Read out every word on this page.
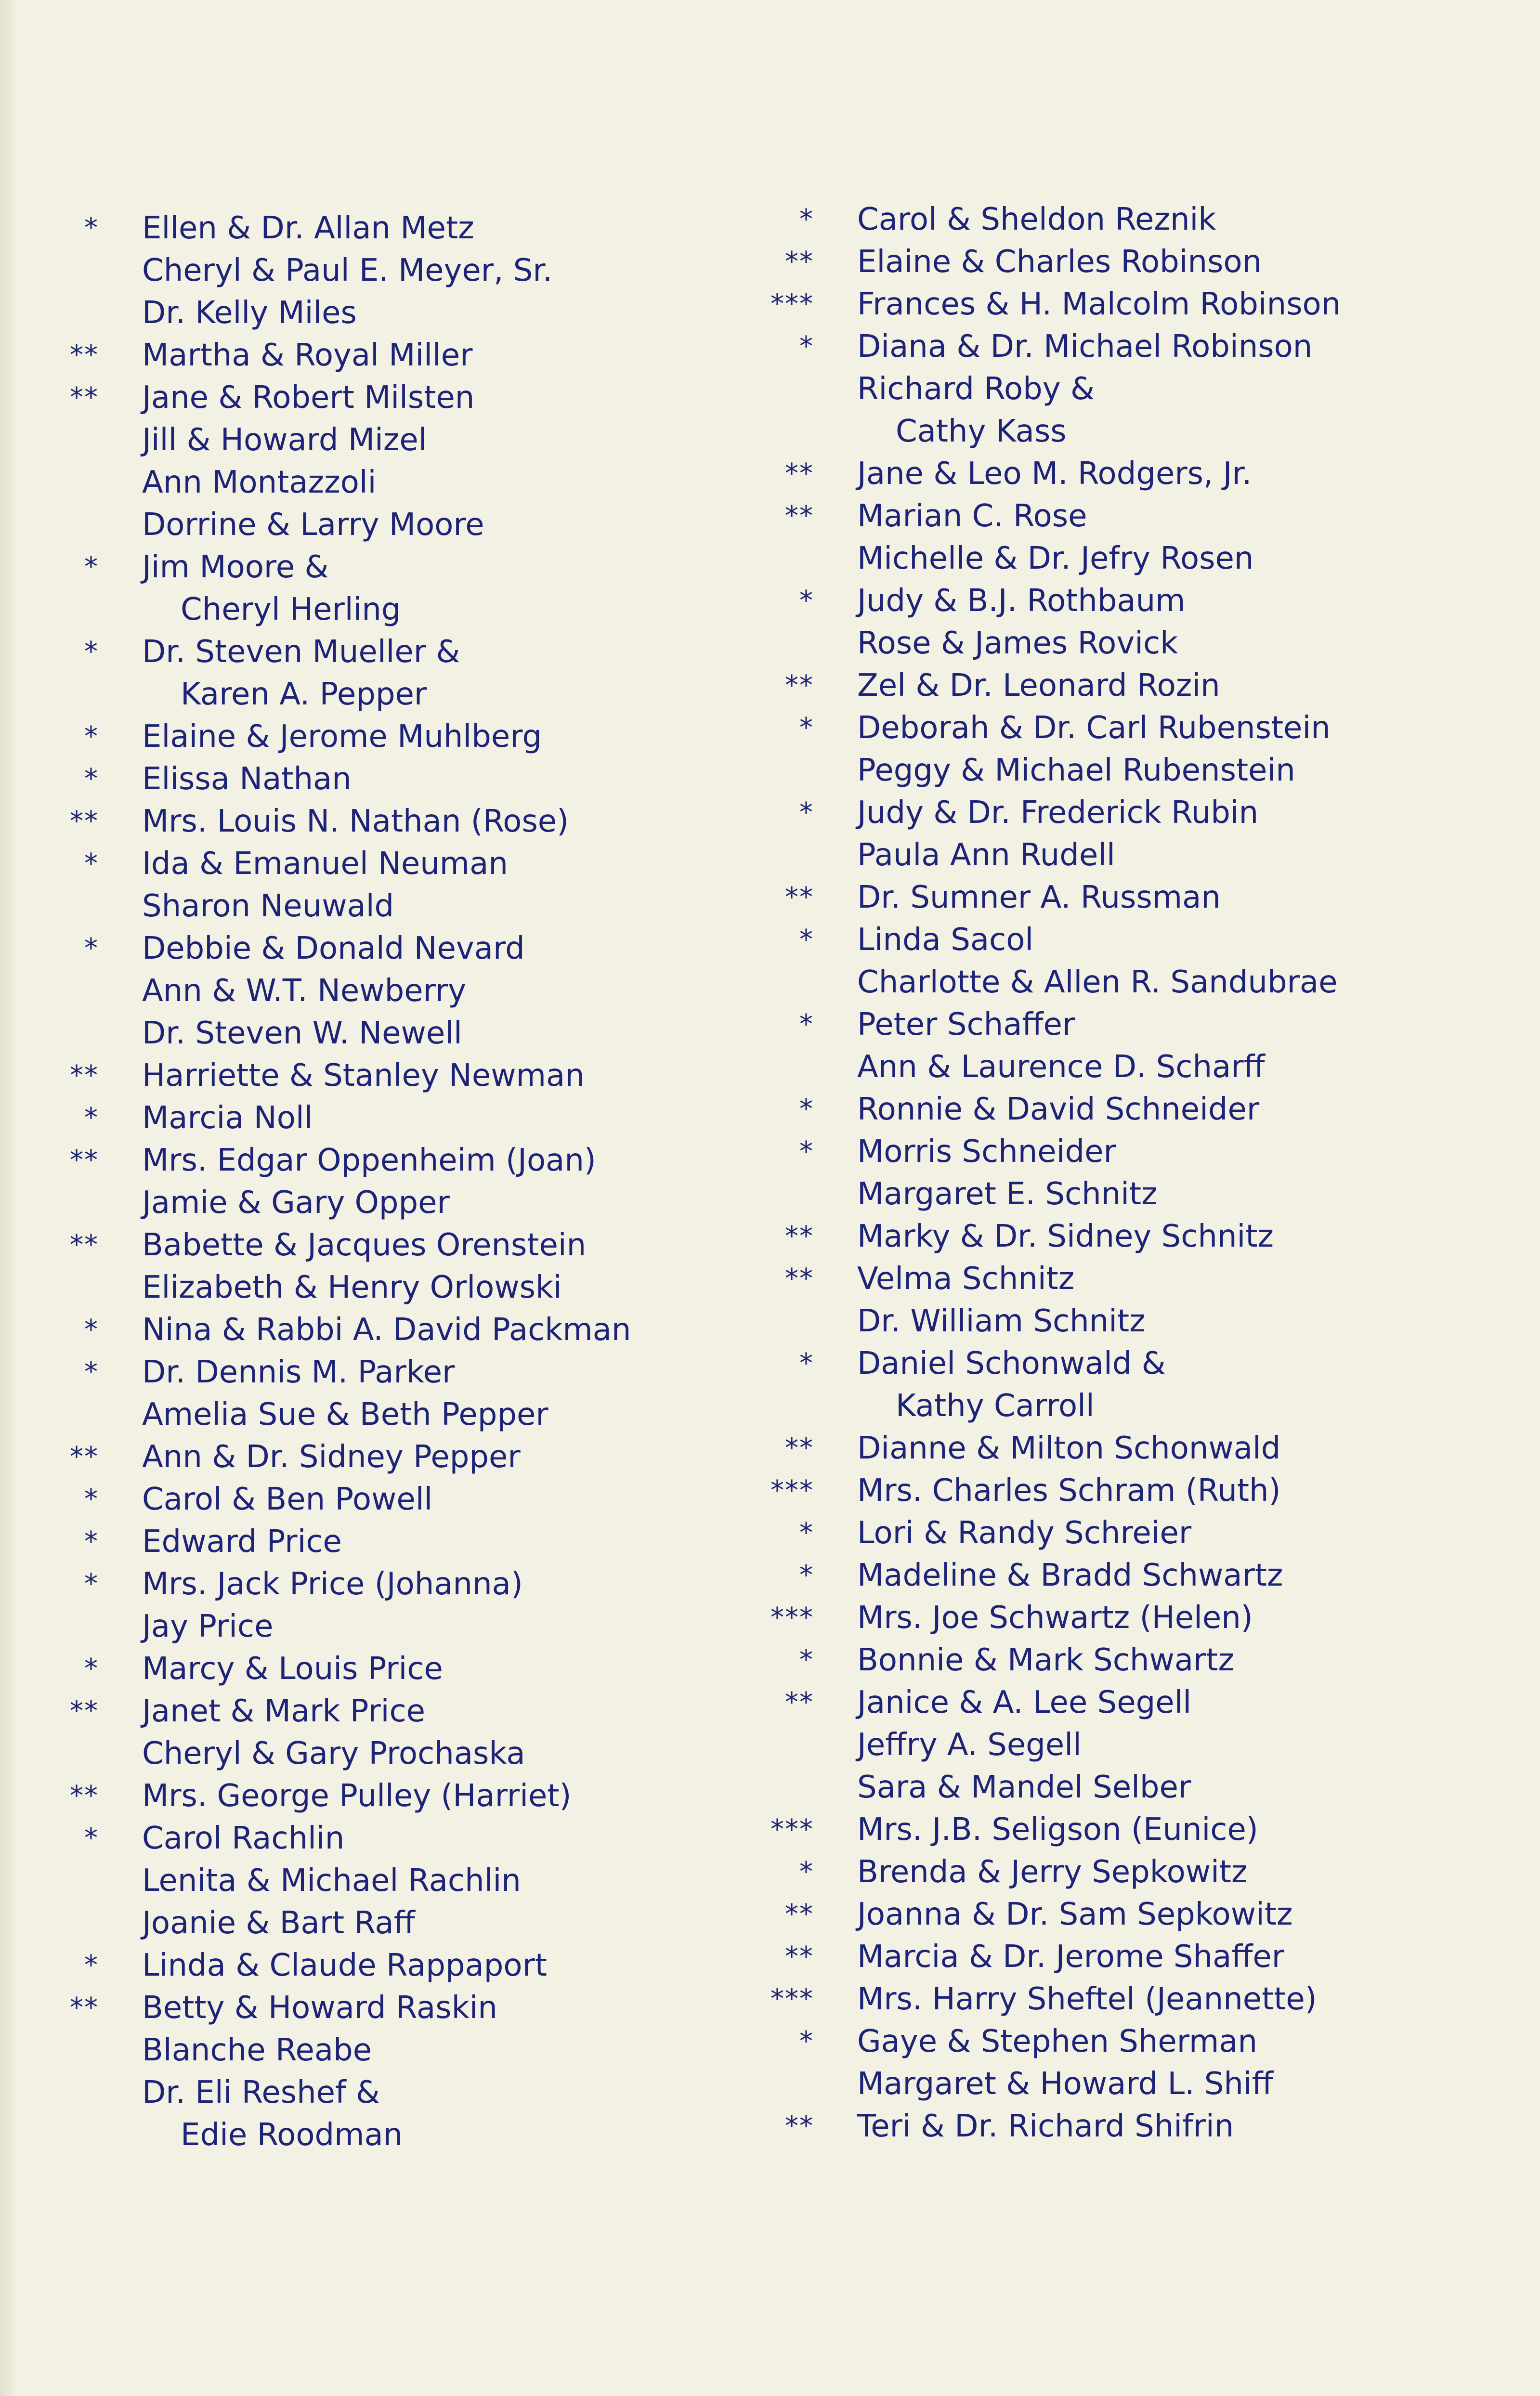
* Ellen & Dr. Allan Metz
Cheryl & Paul E. Meyer, Sr.
Dr. Kelly Miles
** Martha & Royal Miller
** Jane & Robert Milsten
Jill & Howard Mizel
Ann Montazzoli
Dorrine & Larry Moore
* Jim Moore &
Cheryl Herling
* Dr. Steven Mueller &
Karen A. Pepper
* Elaine & Jerome Muhlberg
* Elissa Nathan
** Mrs. Louis N. Nathan (Rose)
* Ida & Emanuel Neuman
Sharon Neuwald
* Debbie & Donald Nevard
Ann & W.T. Newberry
Dr. Steven W. Newell
** Harriette & Stanley Newman
* Marcia Noll
** Mrs. Edgar Oppenheim (Joan)
Jamie & Gary Opper
** Babette & Jacques Orenstein
Elizabeth & Henry Orlowski
* Nina & Rabbi A. David Packman
* Dr. Dennis M. Parker
Amelia Sue & Beth Pepper
** Ann & Dr. Sidney Pepper
* Carol & Ben Powell
* Edward Price
* Mrs. Jack Price (Johanna)
Jay Price
* Marcy & Louis Price
** Janet & Mark Price
Cheryl & Gary Prochaska
** Mrs. George Pulley (Harriet)
* Carol Rachlin
Lenita & Michael Rachlin
Joanie & Bart Raff
* Linda & Claude Rappaport
** Betty & Howard Raskin
Blanche Reabe
Dr. Eli Reshef &
Edie Roodman
* Carol & Sheldon Reznik
** Elaine & Charles Robinson
*** Frances & H. Malcolm Robinson
* Diana & Dr. Michael Robinson
Richard Roby &
Cathy Kass
** Jane & Leo M. Rodgers, Jr.
** Marian C. Rose
Michelle & Dr. Jefry Rosen
* Judy & B.J. Rothbaum
Rose & James Rovick
** Zel & Dr. Leonard Rozin
* Deborah & Dr. Carl Rubenstein
Peggy & Michael Rubenstein
* Judy & Dr. Frederick Rubin
Paula Ann Rudell
** Dr. Sumner A. Russman
* Linda Sacol
Charlotte & Allen R. Sandubrae
* Peter Schaffer
Ann & Laurence D. Scharff
* Ronnie & David Schneider
* Morris Schneider
Margaret E. Schnitz
** Marky & Dr. Sidney Schnitz
** Velma Schnitz
Dr. William Schnitz
* Daniel Schonwald &
Kathy Carroll
** Dianne & Milton Schonwald
*** Mrs. Charles Schram (Ruth)
* Lori & Randy Schreier
* Madeline & Bradd Schwartz
*** Mrs. Joe Schwartz (Helen)
* Bonnie & Mark Schwartz
** Janice & A. Lee Segell
Jeffry A. Segell
Sara & Mandel Selber
*** Mrs. J.B. Seligson (Eunice)
* Brenda & Jerry Sepkowitz
** Joanna & Dr. Sam Sepkowitz
** Marcia & Dr. Jerome Shaffer
*** Mrs. Harry Sheftel (Jeannette)
* Gaye & Stephen Sherman
Margaret & Howard L. Shiff
** Teri & Dr. Richard Shifrin
